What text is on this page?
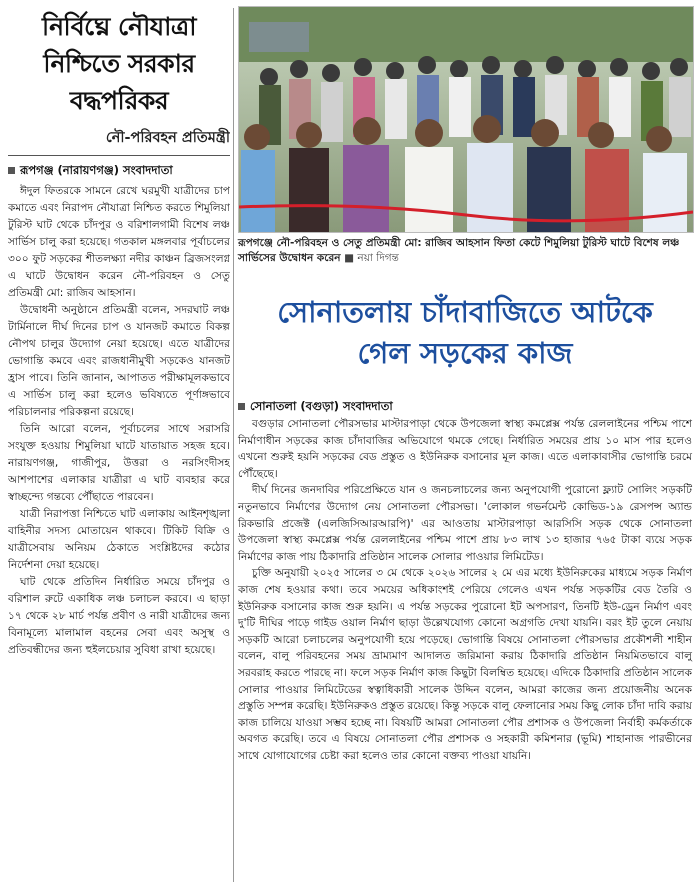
নির্বিঘ্নে নৌযাত্রা
নিশ্চিতে সরকার
বদ্ধপরিকর
নৌ-পরিবহন প্রতিমন্ত্রী
রূপগঞ্জ (নারায়ণগঞ্জ) সংবাদদাতা

ঈদুল ফিতরকে সামনে রেখে ঘরমুখী যাত্রীদের চাপ কমাতে এবং নিরাপদ নৌযাত্রা নিশ্চিত করতে শিমুলিয়া টুরিস্ট ঘাট থেকে চাঁদপুর ও বরিশালগামী বিশেষ লঞ্চ সার্ভিস চালু করা হয়েছে। গতকাল মঙ্গলবার পূর্বাচলের ৩০০ ফুট সড়কের শীতলক্ষ্যা নদীর কাঞ্চন ব্রিজসংলগ্ন এ ঘাটে উদ্বোধন করেন নৌ-পরিবহন ও সেতু প্রতিমন্ত্রী মো: রাজিব আহসান।

উদ্বোধনী অনুষ্ঠানে প্রতিমন্ত্রী বলেন, সদরঘাট লঞ্চ টার্মিনালে দীর্ঘ দিনের চাপ ও যানজট কমাতে বিকল্প নৌপথ চালুর উদ্যোগ নেয়া হয়েছে। এতে যাত্রীদের ভোগান্তি কমবে এবং রাজধানীমুখী সড়কেও যানজট হ্রাস পাবে। তিনি জানান, আপাতত পরীক্ষামূলকভাবে এ সার্ভিস চালু করা হলেও ভবিষ্যতে পূর্ণাঙ্গভাবে পরিচালনার পরিকল্পনা রয়েছে।

তিনি আরো বলেন, পূর্বাচলের সাথে সরাসরি সংযুক্ত হওয়ায় শিমুলিয়া ঘাটে যাতায়াত সহজ হবে। নারায়ণগঞ্জ, গাজীপুর, উত্তরা ও নরসিংদীসহ আশপাশের এলাকার যাত্রীরা এ ঘাট ব্যবহার করে স্বাচ্ছন্দ্যে গন্তব্যে পৌঁছাতে পারবেন।

যাত্রী নিরাপত্তা নিশ্চিতে ঘাট এলাকায় আইনশৃঙ্খলা বাহিনীর সদস্য মোতায়েন থাকবে। টিকিট বিক্রি ও যাত্রীসেবায় অনিয়ম ঠেকাতে সংশ্লিষ্টদের কঠোর নির্দেশনা দেয়া হয়েছে।

ঘাট থেকে প্রতিদিন নির্ধারিত সময়ে চাঁদপুর ও বরিশাল রুটে একাধিক লঞ্চ চলাচল করবে। এ ছাড়া ১৭ থেকে ২৮ মার্চ পর্যন্ত প্রবীণ ও নারী যাত্রীদের জন্য বিনামূল্যে মালামাল বহনের সেবা এবং অসুস্থ ও প্রতিবন্ধীদের জন্য হুইলচেয়ার সুবিধা রাখা হয়েছে।

রূপগঞ্জে নৌ-পরিবহন ও সেতু প্রতিমন্ত্রী মো: রাজিব আহসান ফিতা কেটে শিমুলিয়া টুরিস্ট ঘাটে বিশেষ লঞ্চ সার্ভিসের উদ্বোধন করেন ■ নয়া দিগন্ত
সোনাতলায় চাঁদাবাজিতে আটকে
গেল সড়কের কাজ
সোনাতলা (বগুড়া) সংবাদদাতা

বগুড়ার সোনাতলা পৌরসভার মাস্টারপাড়া থেকে উপজেলা স্বাস্থ্য কমপ্লেক্স পর্যন্ত রেললাইনের পশ্চিম পাশে নির্মাণাধীন সড়কের কাজ চাঁদাবাজির অভিযোগে থমকে গেছে। নির্ধারিত সময়ের প্রায় ১০ মাস পার হলেও এখনো শুরুই হয়নি সড়কের বেড প্রস্তুত ও ইউনিরুক বসানোর মূল কাজ। এতে এলাকাবাসীর ভোগান্তি চরমে পৌঁছেছে।

দীর্ঘ দিনের জনদাবির পরিপ্রেক্ষিতে যান ও জনচলাচলের জন্য অনুপযোগী পুরোনো ফ্ল্যাট সোলিং সড়কটি নতুনভাবে নির্মাণের উদ্যোগ নেয় সোনাতলা পৌরসভা। 'লোকাল গভর্নমেন্ট কোভিড-১৯ রেসপন্স অ্যান্ড রিকভারি প্রজেক্ট (এলজিসিআরআরপি)' এর আওতায় মাস্টারপাড়া আরসিসি সড়ক থেকে সোনাতলা উপজেলা স্বাস্থ্য কমপ্লেক্স পর্যন্ত রেললাইনের পশ্চিম পাশে প্রায় ৮৩ লাখ ১৩ হাজার ৭৬৫ টাকা ব্যয়ে সড়ক নির্মাণের কাজ পায় ঠিকাদারি প্রতিষ্ঠান সালেক সোলার পাওয়ার লিমিটেড।

চুক্তি অনুযায়ী ২০২৫ সালের ৩ মে থেকে ২০২৬ সালের ২ মে এর মধ্যে ইউনিরুকের মাধ্যমে সড়ক নির্মাণ কাজ শেষ হওয়ার কথা। তবে সময়ের অধিকাংশই পেরিয়ে গেলেও এখন পর্যন্ত সড়কটির বেড তৈরি ও ইউনিরুক বসানোর কাজ শুরু হয়নি। এ পর্যন্ত সড়কের পুরোনো ইট অপসারণ, তিনটি ইউ-ড্রেন নির্মাণ এবং দু'টি দীঘির পাড়ে গাইড ওয়াল নির্মাণ ছাড়া উল্লেখযোগ্য কোনো অগ্রগতি দেখা যায়নি। বরং ইট তুলে নেয়ায় সড়কটি আরো চলাচলের অনুপযোগী হয়ে পড়েছে। ভোগান্তি বিষয়ে সোনাতলা পৌরসভার প্রকৌশলী শাহীন বলেন, বালু পরিবহনের সময় ভ্রাম্যমাণ আদালত জরিমানা করায় ঠিকাদারি প্রতিষ্ঠান নিয়মিতভাবে বালু সরবরাহ করতে পারছে না। ফলে সড়ক নির্মাণ কাজ কিছুটা বিলম্বিত হয়েছে। এদিকে ঠিকাদারি প্রতিষ্ঠান সালেক সোলার পাওয়ার লিমিটেডের স্বত্বাধিকারী সালেক উদ্দিন বলেন, আমরা কাজের জন্য প্রয়োজনীয় অনেক প্রস্তুতি সম্পন্ন করেছি। ইউনিরুকও প্রস্তুত রয়েছে। কিন্তু সড়কে বালু ফেলানোর সময় কিছু লোক চাঁদা দাবি করায় কাজ চালিয়ে যাওয়া সম্ভব হচ্ছে না। বিষয়টি আমরা সোনাতলা পৌর প্রশাসক ও উপজেলা নির্বাহী কর্মকর্তাকে অবগত করেছি। তবে এ বিষয়ে সোনাতলা পৌর প্রশাসক ও সহকারী কমিশনার (ভূমি) শাহানাজ পারভীনের সাথে যোগাযোগের চেষ্টা করা হলেও তার কোনো বক্তব্য পাওয়া যায়নি।
